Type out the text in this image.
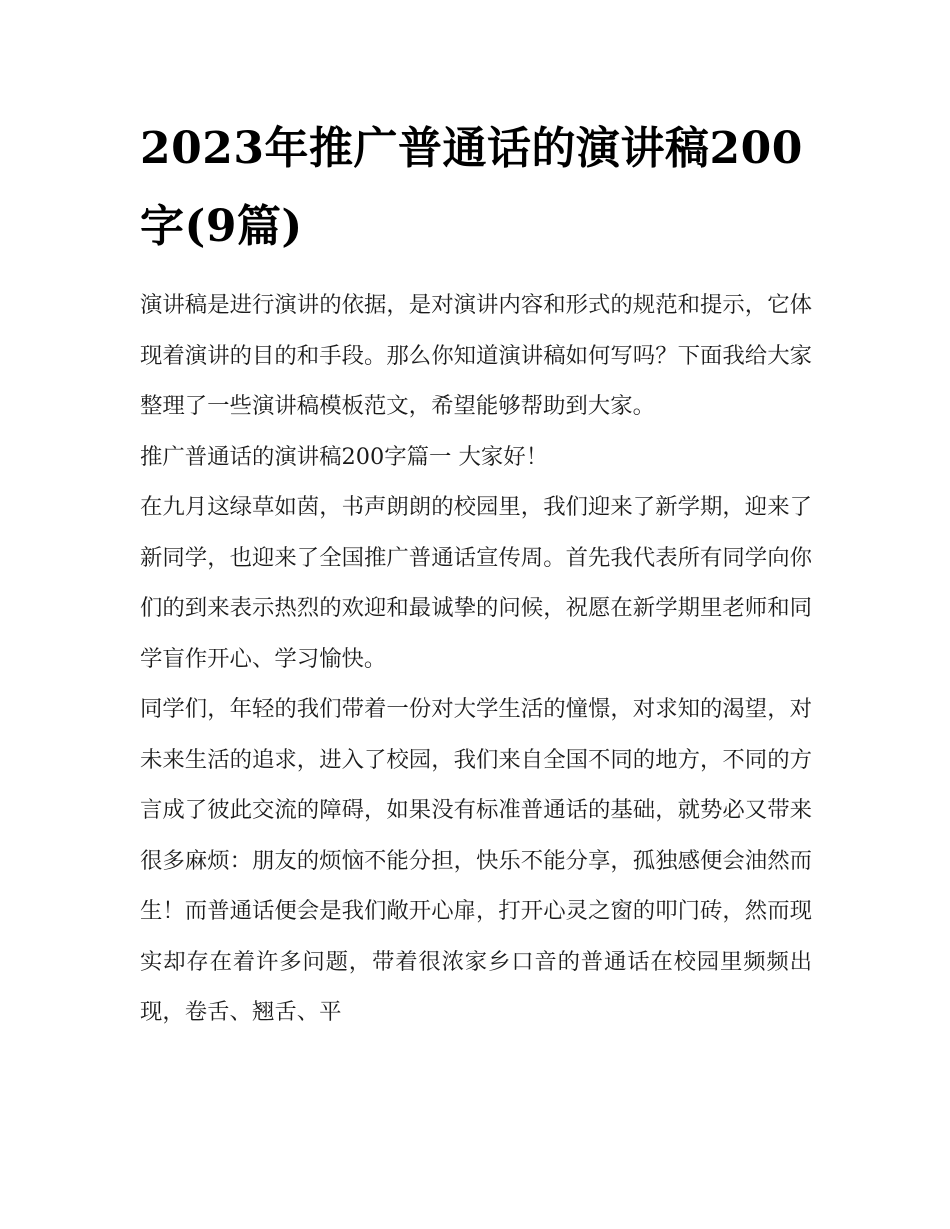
2023年推广普通话的演讲稿200字(9篇)

演讲稿是进行演讲的依据，是对演讲内容和形式的规范和提示，它体现着演讲的目的和手段。那么你知道演讲稿如何写吗？下面我给大家整理了一些演讲稿模板范文，希望能够帮助到大家。

推广普通话的演讲稿200字篇一 大家好！

在九月这绿草如茵，书声朗朗的校园里，我们迎来了新学期，迎来了新同学，也迎来了全国推广普通话宣传周。首先我代表所有同学向你们的到来表示热烈的欢迎和最诚挚的问候，祝愿在新学期里老师和同学盲作开心、学习愉快。

同学们，年轻的我们带着一份对大学生活的憧憬，对求知的渴望，对未来生活的追求，进入了校园，我们来自全国不同的地方，不同的方言成了彼此交流的障碍，如果没有标准普通话的基础，就势必又带来很多麻烦：朋友的烦恼不能分担，快乐不能分享，孤独感便会油然而生！而普通话便会是我们敞开心扉，打开心灵之窗的叩门砖，然而现实却存在着许多问题，带着很浓家乡口音的普通话在校园里频频出现，卷舌、翘舌、平
